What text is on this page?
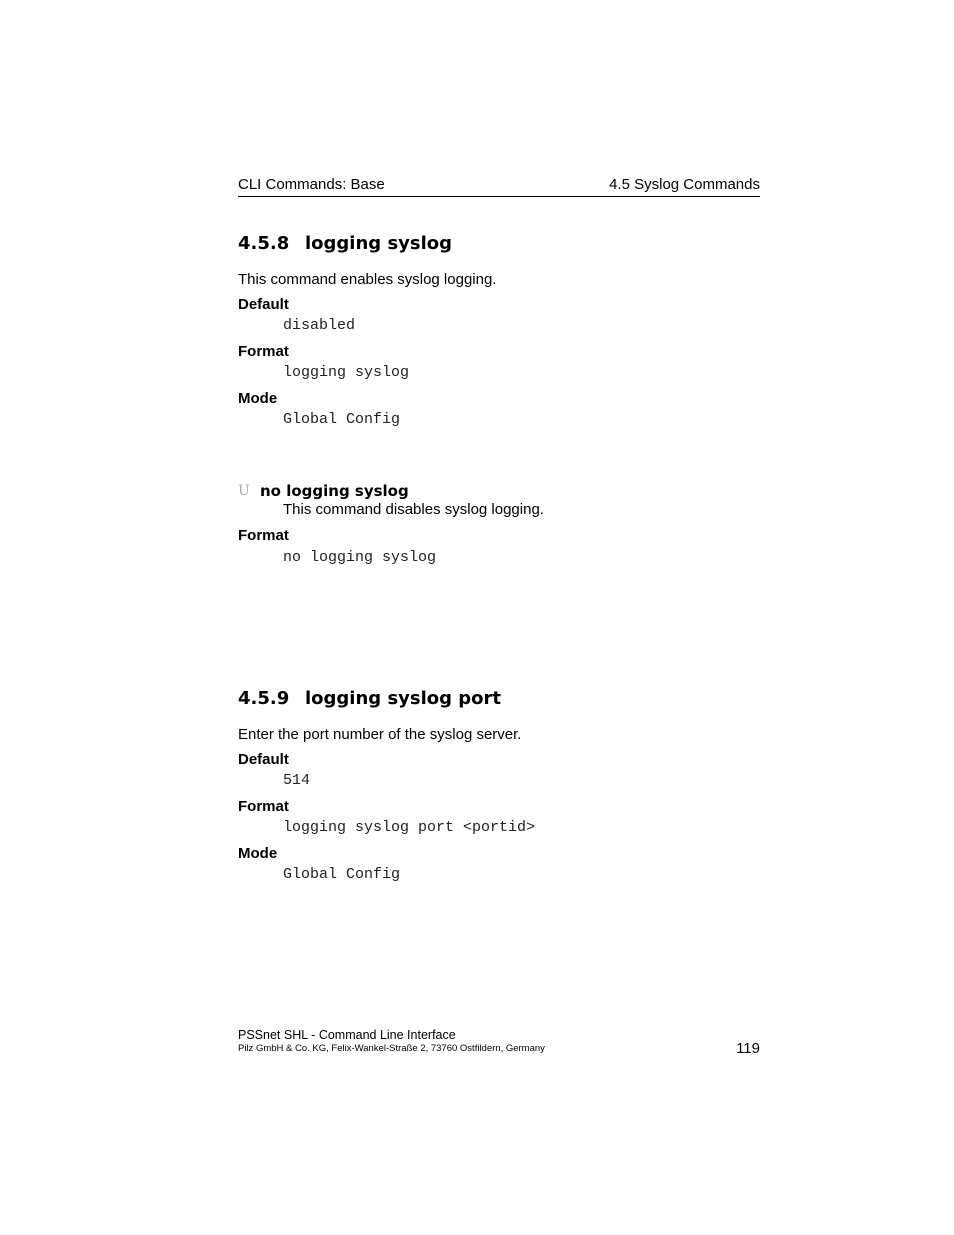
CLI Commands: Base	4.5 Syslog Commands
4.5.8 logging syslog
This command enables syslog logging.
Default
disabled
Format
logging syslog
Mode
Global Config
U no logging syslog
This command disables syslog logging.
Format
no logging syslog
4.5.9 logging syslog port
Enter the port number of the syslog server.
Default
514
Format
logging syslog port <portid>
Mode
Global Config
PSSnet SHL - Command Line Interface
Pilz GmbH & Co. KG, Felix-Wankel-Straße 2, 73760 Ostfildern, Germany	119
